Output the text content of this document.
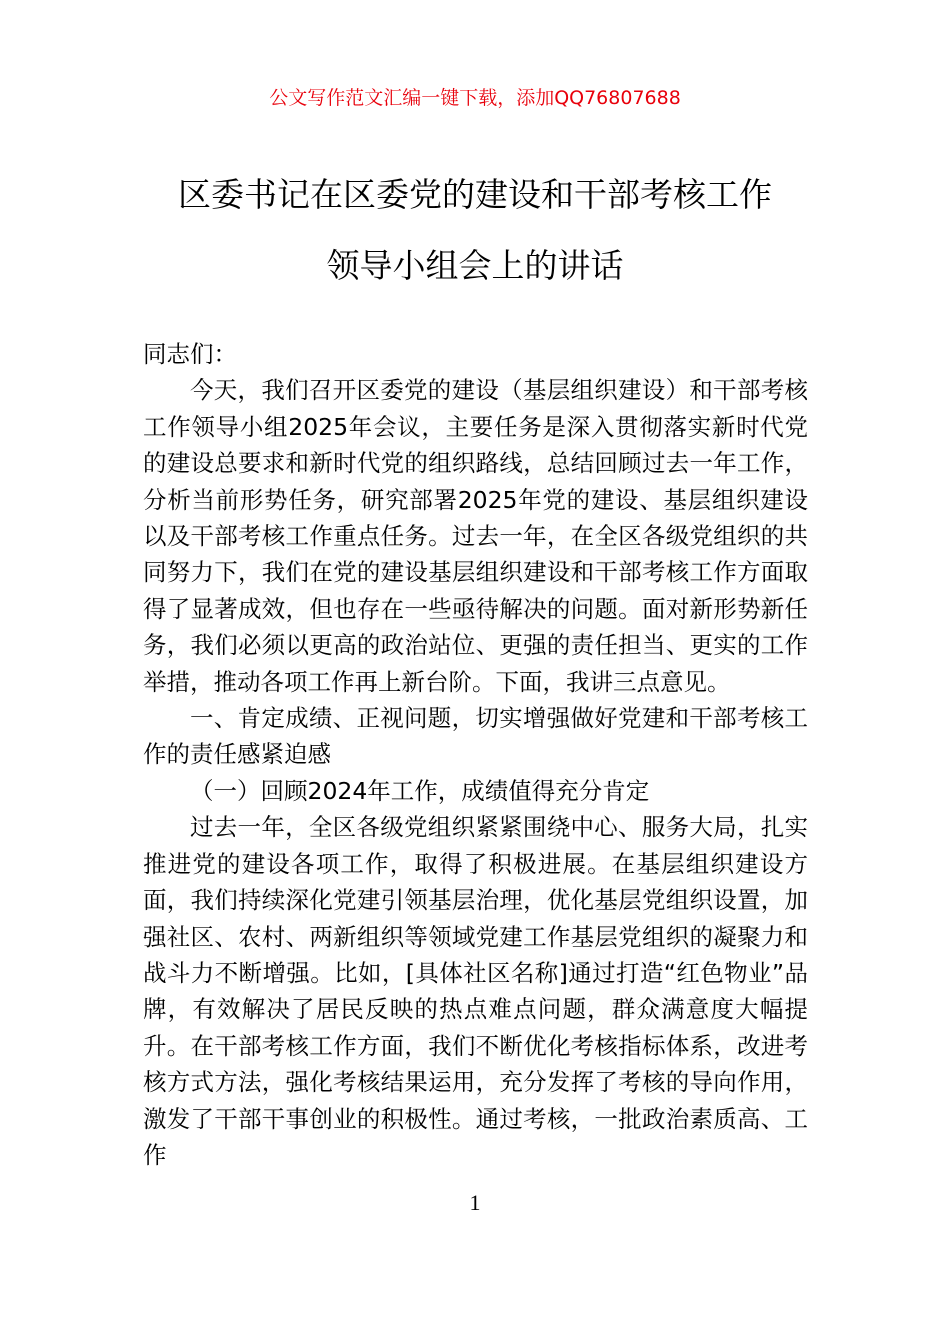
公文写作范文汇编一键下载，添加QQ76807688
区委书记在区委党的建设和干部考核工作
领导小组会上的讲话

同志们：

今天，我们召开区委党的建设（基层组织建设）和干部考核工作领导小组2025年会议，主要任务是深入贯彻落实新时代党的建设总要求和新时代党的组织路线，总结回顾过去一年工作，分析当前形势任务，研究部署2025年党的建设、基层组织建设以及干部考核工作重点任务。过去一年，在全区各级党组织的共同努力下，我们在党的建设基层组织建设和干部考核工作方面取得了显著成效，但也存在一些亟待解决的问题。面对新形势新任务，我们必须以更高的政治站位、更强的责任担当、更实的工作举措，推动各项工作再上新台阶。下面，我讲三点意见。

一、肯定成绩、正视问题，切实增强做好党建和干部考核工作的责任感紧迫感

（一）回顾2024年工作，成绩值得充分肯定

过去一年，全区各级党组织紧紧围绕中心、服务大局，扎实推进党的建设各项工作，取得了积极进展。在基层组织建设方面，我们持续深化党建引领基层治理，优化基层党组织设置，加强社区、农村、两新组织等领域党建工作基层党组织的凝聚力和战斗力不断增强。比如，[具体社区名称]通过打造“红色物业”品牌，有效解决了居民反映的热点难点问题，群众满意度大幅提升。在干部考核工作方面，我们不断优化考核指标体系，改进考核方式方法，强化考核结果运用，充分发挥了考核的导向作用，激发了干部干事创业的积极性。通过考核，一批政治素质高、工作

1
